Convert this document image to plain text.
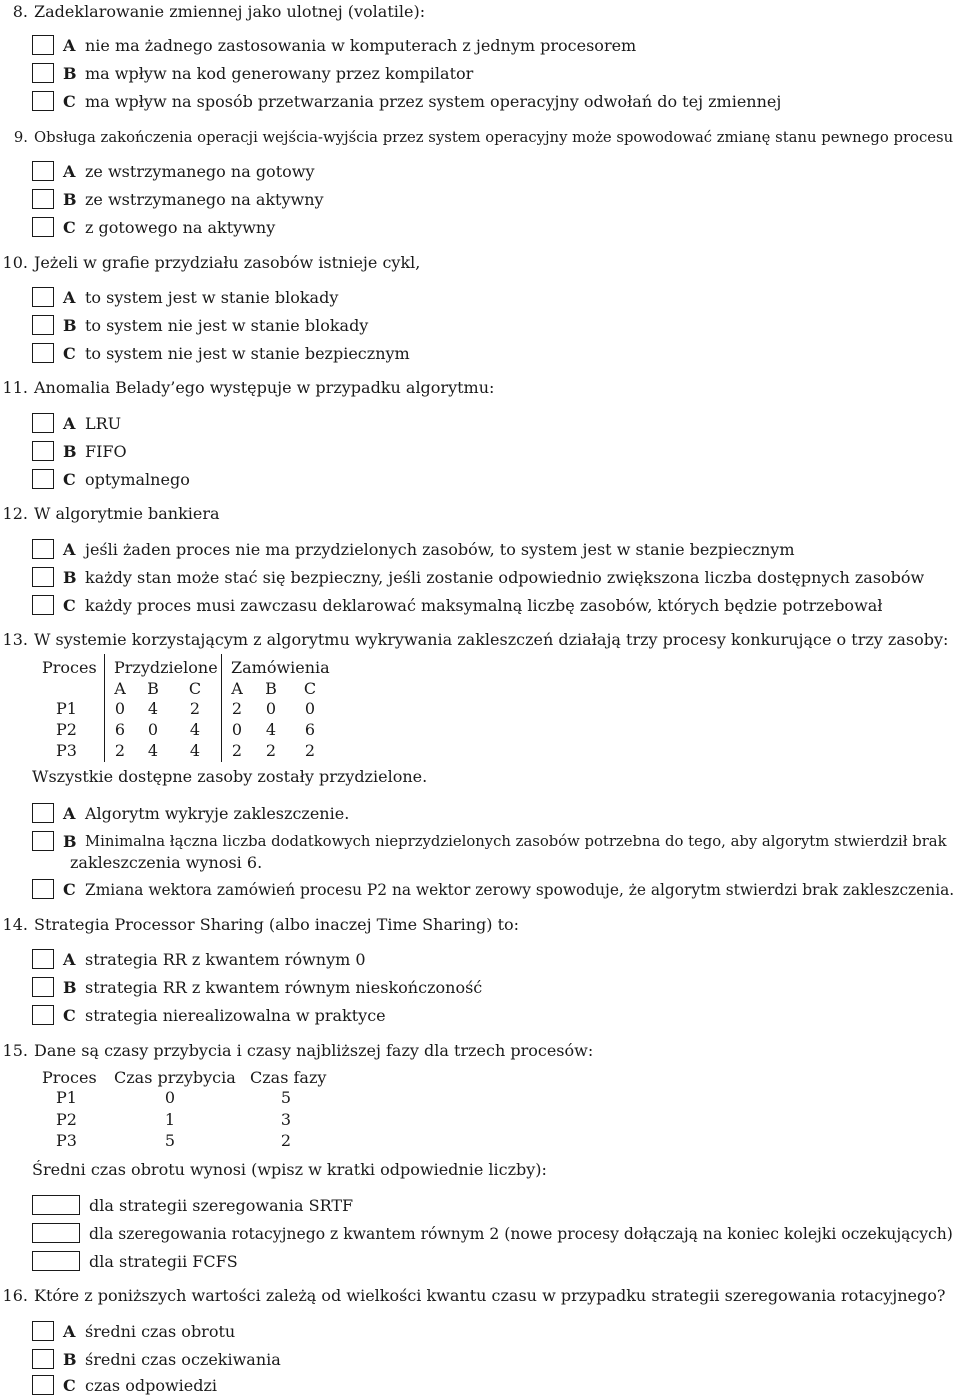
8. Zadeklarowanie zmiennej jako ulotnej (volatile):
A nie ma żadnego zastosowania w komputerach z jednym procesorem
B ma wpływ na kod generowany przez kompilator
C ma wpływ na sposób przetwarzania przez system operacyjny odwołań do tej zmiennej
9. Obsługa zakończenia operacji wejścia-wyjścia przez system operacyjny może spowodować zmianę stanu pewnego procesu
A ze wstrzymanego na gotowy
B ze wstrzymanego na aktywny
C z gotowego na aktywny
10. Jeżeli w grafie przydziału zasobów istnieje cykl,
A to system jest w stanie blokady
B to system nie jest w stanie blokady
C to system nie jest w stanie bezpiecznym
11. Anomalia Belady’ego występuje w przypadku algorytmu:
A LRU
B FIFO
C optymalnego
12. W algorytmie bankiera
A jeśli żaden proces nie ma przydzielonych zasobów, to system jest w stanie bezpiecznym
B każdy stan może stać się bezpieczny, jeśli zostanie odpowiednio zwiększona liczba dostępnych zasobów
C każdy proces musi zawczasu deklarować maksymalną liczbę zasobów, których będzie potrzebował
13. W systemie korzystającym z algorytmu wykrywania zakleszczeń działają trzy procesy konkurujące o trzy zasoby:
Proces Przydzielone Zamówienia
A B C A B C
P1 0 4 2 2 0 0
P2 6 0 4 0 4 6
P3 2 4 4 2 2 2
Wszystkie dostępne zasoby zostały przydzielone.
A Algorytm wykryje zakleszczenie.
B Minimalna łączna liczba dodatkowych nieprzydzielonych zasobów potrzebna do tego, aby algorytm stwierdził brak
zakleszczenia wynosi 6.
C Zmiana wektora zamówień procesu P2 na wektor zerowy spowoduje, że algorytm stwierdzi brak zakleszczenia.
14. Strategia Processor Sharing (albo inaczej Time Sharing) to:
A strategia RR z kwantem równym 0
B strategia RR z kwantem równym nieskończoność
C strategia nierealizowalna w praktyce
15. Dane są czasy przybycia i czasy najbliższej fazy dla trzech procesów:
Proces Czas przybycia Czas fazy
P1	0	5
P2	1	3
P3	5	2
Średni czas obrotu wynosi (wpisz w kratki odpowiednie liczby):
dla strategii szeregowania SRTF
dla szeregowania rotacyjnego z kwantem równym 2 (nowe procesy dołączają na koniec kolejki oczekujących)
dla strategii FCFS
16. Które z poniższych wartości zależą od wielkości kwantu czasu w przypadku strategii szeregowania rotacyjnego?
A średni czas obrotu
B średni czas oczekiwania
C czas odpowiedzi
